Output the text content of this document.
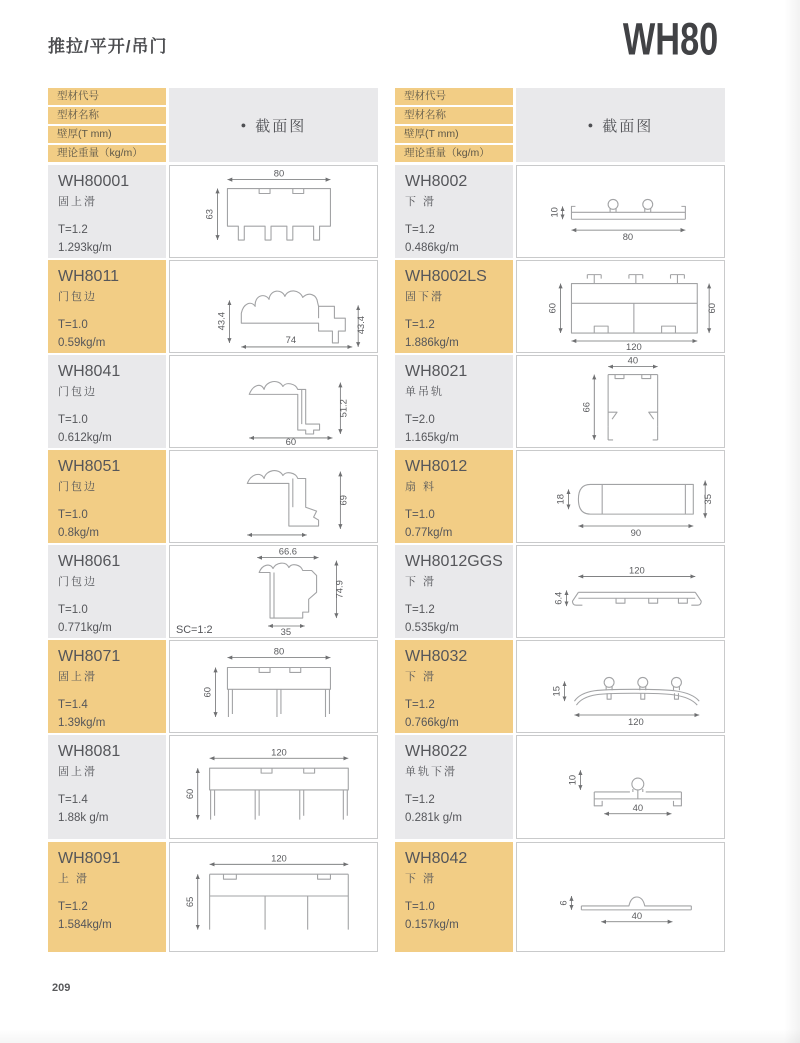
推拉/平开/吊门	WH80
209
型材代号
型材名称
壁厚(T mm)
理论重量（kg/m）
● 截面图
WH80001
固上滑
T=1.2
1.293kg/m
80
63
WH8011
门包边
T=1.0
0.59kg/m
43.4	43.4
74
WH8041
门包边
T=1.0
0.612kg/m
51.2
60
WH8051
门包边
T=1.0
0.8kg/m
69
WH8061
门包边
T=1.0
0.771kg/m
66.6
74.9
35
SC=1:2
WH8071
固上滑
T=1.4
1.39kg/m
80
60
WH8081
固上滑
T=1.4
1.88k g/m
120
60
WH8091
上 滑
T=1.2
1.584kg/m
120
65
型材代号
型材名称
壁厚(T mm)
理论重量（kg/m）
● 截面图
WH8002
下 滑
T=1.2
0.486kg/m
10
80
WH8002LS
固下滑
T=1.2
1.886kg/m
60	60
120
WH8021
单吊轨
T=2.0
1.165kg/m
40
66
WH8012
扇 料
T=1.0
0.77kg/m
18	35
90
WH8012GGS
下 滑
T=1.2
0.535kg/m
120
6.4
WH8032
下 滑
T=1.2
0.766kg/m
15
120
WH8022
单轨下滑
T=1.2
0.281k g/m
10
40
WH8042
下 滑
T=1.0
0.157kg/m
6
40
